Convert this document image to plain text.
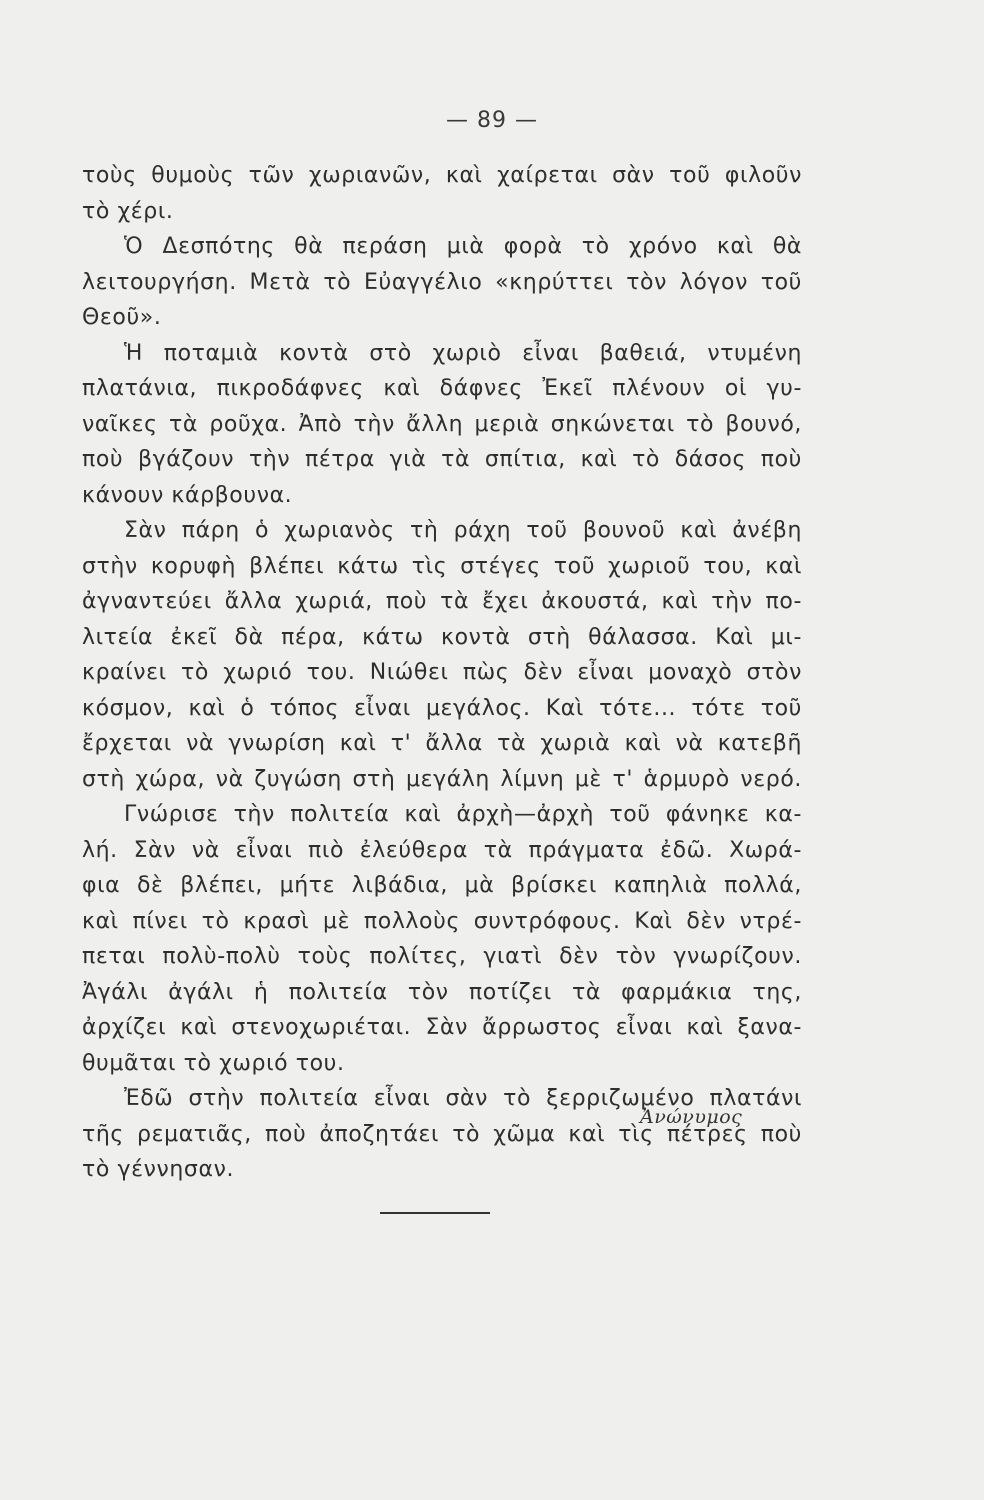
— 89 —
τοὺς θυμοὺς τῶν χωριανῶν, καὶ χαίρεται σὰν τοῦ φιλοῦν
τὸ χέρι.
Ὁ Δεσπότης θὰ περάση μιὰ φορὰ τὸ χρόνο καὶ θὰ
λειτουργήση. Μετὰ τὸ Εὐαγγέλιο «κηρύττει τὸν λόγον τοῦ
Θεοῦ».
Ἡ ποταμιὰ κοντὰ στὸ χωριὸ εἶναι βαθειά, ντυμένη
πλατάνια, πικροδάφνες καὶ δάφνες Ἐκεῖ πλένουν οἱ γυ-
ναῖκες τὰ ροῦχα. Ἀπὸ τὴν ἄλλη μεριὰ σηκώνεται τὸ βουνό,
ποὺ βγάζουν τὴν πέτρα γιὰ τὰ σπίτια, καὶ τὸ δάσος ποὺ
κάνουν κάρβουνα.
Σὰν πάρη ὁ χωριανὸς τὴ ράχη τοῦ βουνοῦ καὶ ἀνέβη
στὴν κορυφὴ βλέπει κάτω τὶς στέγες τοῦ χωριοῦ του, καὶ
ἀγναντεύει ἄλλα χωριά, ποὺ τὰ ἔχει ἀκουστά, καὶ τὴν πο-
λιτεία ἐκεῖ δὰ πέρα, κάτω κοντὰ στὴ θάλασσα. Καὶ μι-
κραίνει τὸ χωριό του. Νιώθει πὼς δὲν εἶναι μοναχὸ στὸν
κόσμον, καὶ ὁ τόπος εἶναι μεγάλος. Καὶ τότε... τότε τοῦ
ἔρχεται νὰ γνωρίση καὶ τ' ἄλλα τὰ χωριὰ καὶ νὰ κατεβῆ
στὴ χώρα, νὰ ζυγώση στὴ μεγάλη λίμνη μὲ τ' ἁρμυρὸ νερό.
Γνώρισε τὴν πολιτεία καὶ ἀρχὴ—ἀρχὴ τοῦ φάνηκε κα-
λή. Σὰν νὰ εἶναι πιὸ ἐλεύθερα τὰ πράγματα ἐδῶ. Χωρά-
φια δὲ βλέπει, μήτε λιβάδια, μὰ βρίσκει καπηλιὰ πολλά,
καὶ πίνει τὸ κρασὶ μὲ πολλοὺς συντρόφους. Καὶ δὲν ντρέ-
πεται πολὺ-πολὺ τοὺς πολίτες, γιατὶ δὲν τὸν γνωρίζουν.
Ἀγάλι ἀγάλι ἡ πολιτεία τὸν ποτίζει τὰ φαρμάκια της,
ἀρχίζει καὶ στενοχωριέται. Σὰν ἄρρωστος εἶναι καὶ ξανα-
θυμᾶται τὸ χωριό του.
Ἐδῶ στὴν πολιτεία εἶναι σὰν τὸ ξερριζωμένο πλατάνι
τῆς ρεματιᾶς, ποὺ ἀποζητάει τὸ χῶμα καὶ τὶς πέτρες ποὺ
τὸ γέννησαν.
Ἀνώνυμος
